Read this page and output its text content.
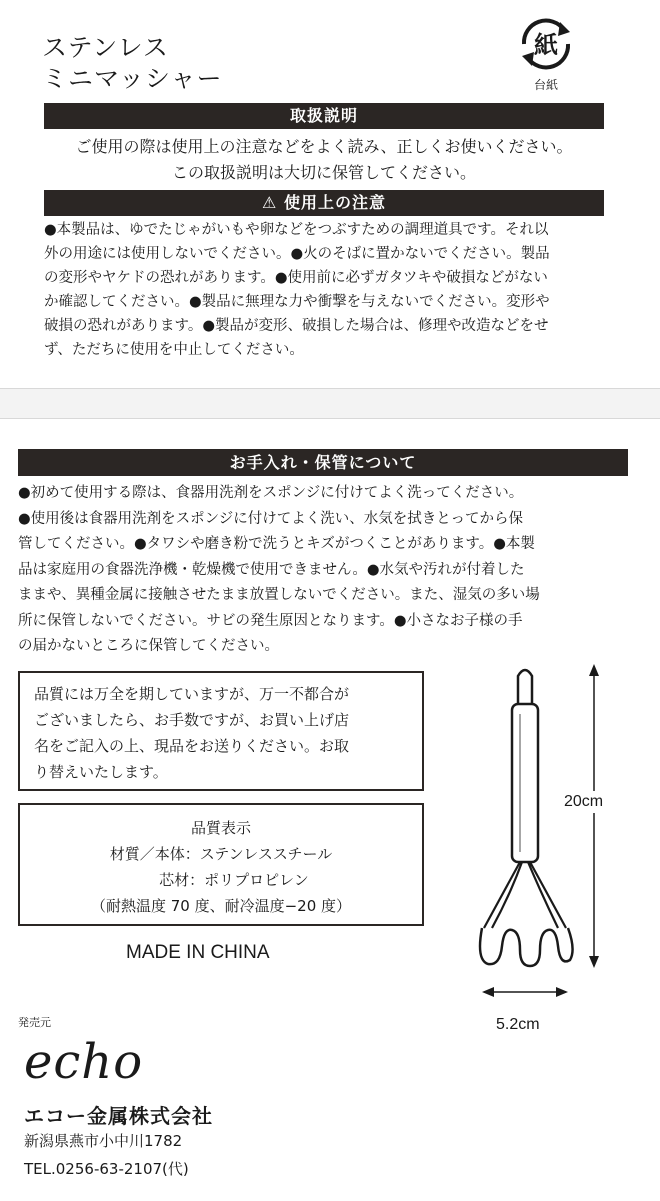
ステンレス
ミニマッシャー
紙
台紙
取扱説明
ご使用の際は使用上の注意などをよく読み、正しくお使いください。
この取扱説明は大切に保管してください。
⚠ 使用上の注意

●本製品は、ゆでたじゃがいもや卵などをつぶすための調理道具です。それ以

外の用途には使用しないでください。●火のそばに置かないでください。製品

の変形やヤケドの恐れがあります。●使用前に必ずガタツキや破損などがない

か確認してください。●製品に無理な力や衝撃を与えないでください。変形や

破損の恐れがあります。●製品が変形、破損した場合は、修理や改造などをせ

ず、ただちに使用を中止してください。

お手入れ・保管について

●初めて使用する際は、食器用洗剤をスポンジに付けてよく洗ってください。

●使用後は食器用洗剤をスポンジに付けてよく洗い、水気を拭きとってから保

管してください。●タワシや磨き粉で洗うとキズがつくことがあります。●本製

品は家庭用の食器洗浄機・乾燥機で使用できません。●水気や汚れが付着した

ままや、異種金属に接触させたまま放置しないでください。また、湿気の多い場

所に保管しないでください。サビの発生原因となります。●小さなお子様の手

の届かないところに保管してください。

品質には万全を期していますが、万一不都合が
ございましたら、お手数ですが、お買い上げ店
名をご記入の上、現品をお送りください。お取
り替えいたします。
品質表示
材質／本体：ステンレススチール
芯材：ポリプロピレン
（耐熱温度 70 度、耐冷温度−20 度）
MADE IN CHINA
発売元
echo
エコー金属株式会社
新潟県燕市小中川1782
TEL.0256-63-2107(代)
20cm
5.2cm
